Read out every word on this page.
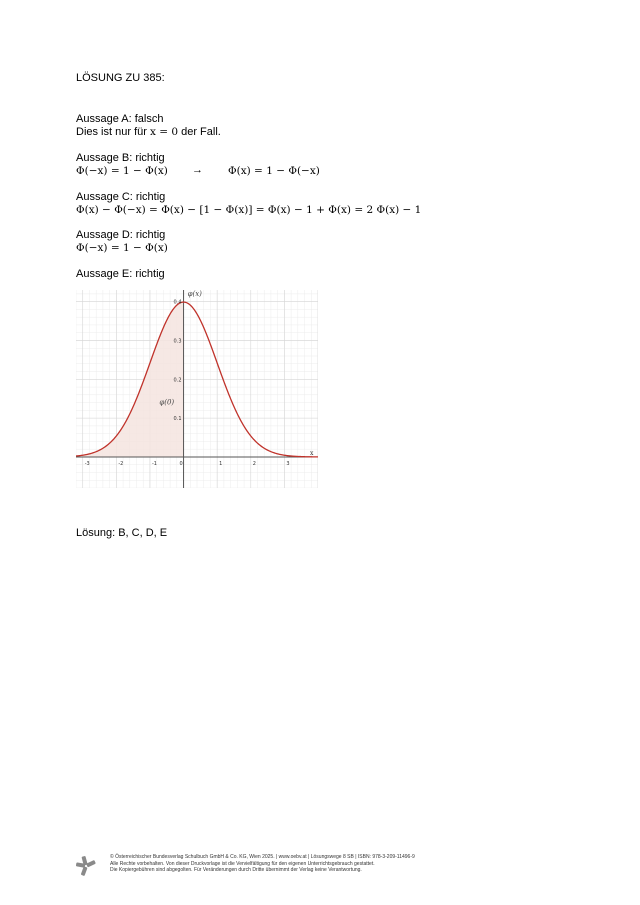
LÖSUNG ZU 385:
Aussage A: falsch
Dies ist nur für x = 0 der Fall.
Aussage B: richtig
Φ(−x) = 1 − Φ(x) → Φ(x) = 1 − Φ(−x)
Aussage C: richtig
Φ(x) − Φ(−x) = Φ(x) − [1 − Φ(x)] = Φ(x) − 1 + Φ(x) = 2 Φ(x) − 1
Aussage D: richtig
Φ(−x) = 1 − Φ(x)
Aussage E: richtig
-3	-2	-1	1	2	3
0
0.1
0.2
0.3
0.4
x
φ(x)
φ(0)
Lösung: B, C, D, E
© Österreichischer Bundesverlag Schulbuch GmbH & Co. KG, Wien 2025. | www.oebv.at | Lösungswege 8 SB | ISBN: 978-3-209-11496-9
Alle Rechte vorbehalten. Von dieser Druckvorlage ist die Vervielfältigung für den eigenen Unterrichtsgebrauch gestattet.
Die Kopiergebühren sind abgegolten. Für Veränderungen durch Dritte übernimmt der Verlag keine Verantwortung.
